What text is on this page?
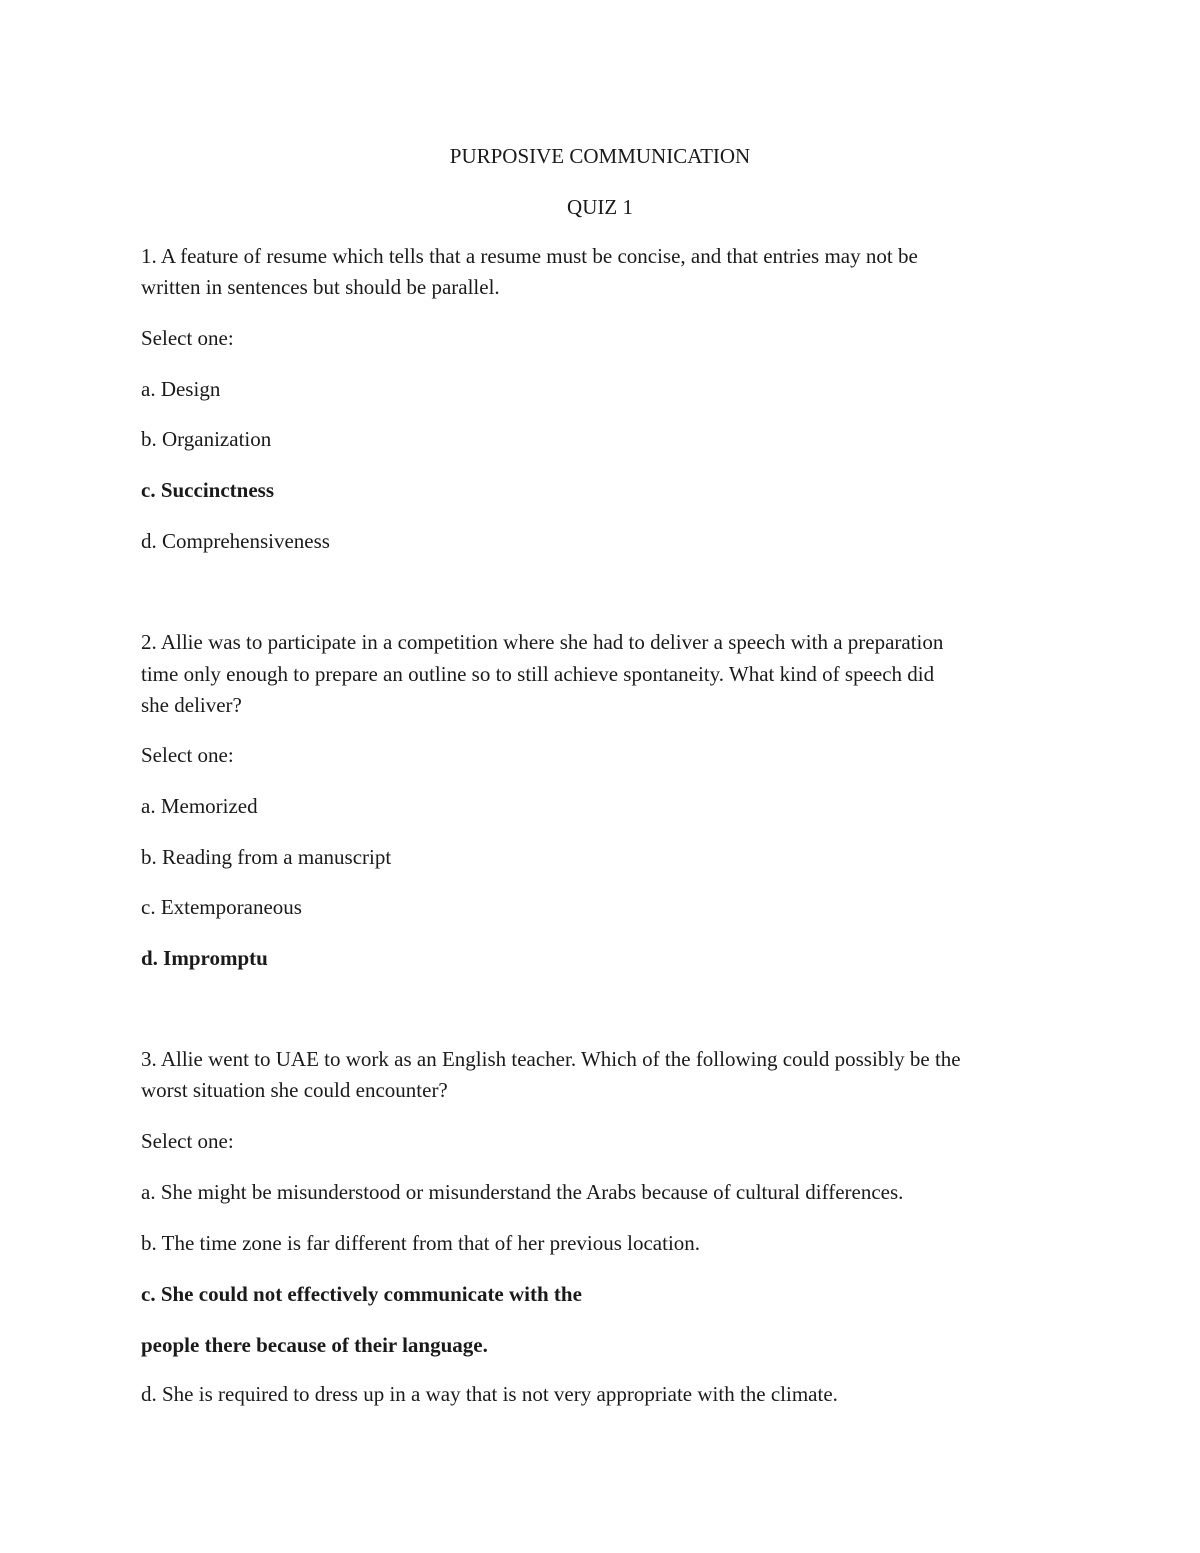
PURPOSIVE COMMUNICATION
QUIZ 1
1. A feature of resume which tells that a resume must be concise, and that entries may not be
written in sentences but should be parallel.
Select one:
a. Design
b. Organization
c. Succinctness
d. Comprehensiveness
2. Allie was to participate in a competition where she had to deliver a speech with a preparation
time only enough to prepare an outline so to still achieve spontaneity. What kind of speech did
she deliver?
Select one:
a. Memorized
b. Reading from a manuscript
c. Extemporaneous
d. Impromptu
3. Allie went to UAE to work as an English teacher. Which of the following could possibly be the
worst situation she could encounter?
Select one:
a. She might be misunderstood or misunderstand the Arabs because of cultural differences.
b. The time zone is far different from that of her previous location.
c. She could not effectively communicate with the
people there because of their language.
d. She is required to dress up in a way that is not very appropriate with the climate.
